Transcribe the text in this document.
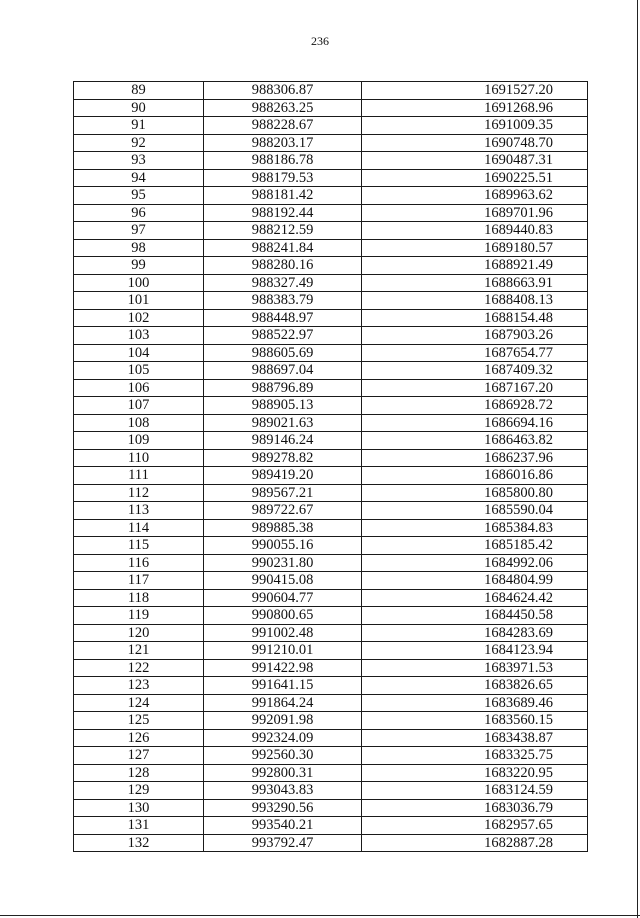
236
89	988306.87	1691527.20
90	988263.25	1691268.96
91	988228.67	1691009.35
92	988203.17	1690748.70
93	988186.78	1690487.31
94	988179.53	1690225.51
95	988181.42	1689963.62
96	988192.44	1689701.96
97	988212.59	1689440.83
98	988241.84	1689180.57
99	988280.16	1688921.49
100	988327.49	1688663.91
101	988383.79	1688408.13
102	988448.97	1688154.48
103	988522.97	1687903.26
104	988605.69	1687654.77
105	988697.04	1687409.32
106	988796.89	1687167.20
107	988905.13	1686928.72
108	989021.63	1686694.16
109	989146.24	1686463.82
110	989278.82	1686237.96
111	989419.20	1686016.86
112	989567.21	1685800.80
113	989722.67	1685590.04
114	989885.38	1685384.83
115	990055.16	1685185.42
116	990231.80	1684992.06
117	990415.08	1684804.99
118	990604.77	1684624.42
119	990800.65	1684450.58
120	991002.48	1684283.69
121	991210.01	1684123.94
122	991422.98	1683971.53
123	991641.15	1683826.65
124	991864.24	1683689.46
125	992091.98	1683560.15
126	992324.09	1683438.87
127	992560.30	1683325.75
128	992800.31	1683220.95
129	993043.83	1683124.59
130	993290.56	1683036.79
131	993540.21	1682957.65
132	993792.47	1682887.28
